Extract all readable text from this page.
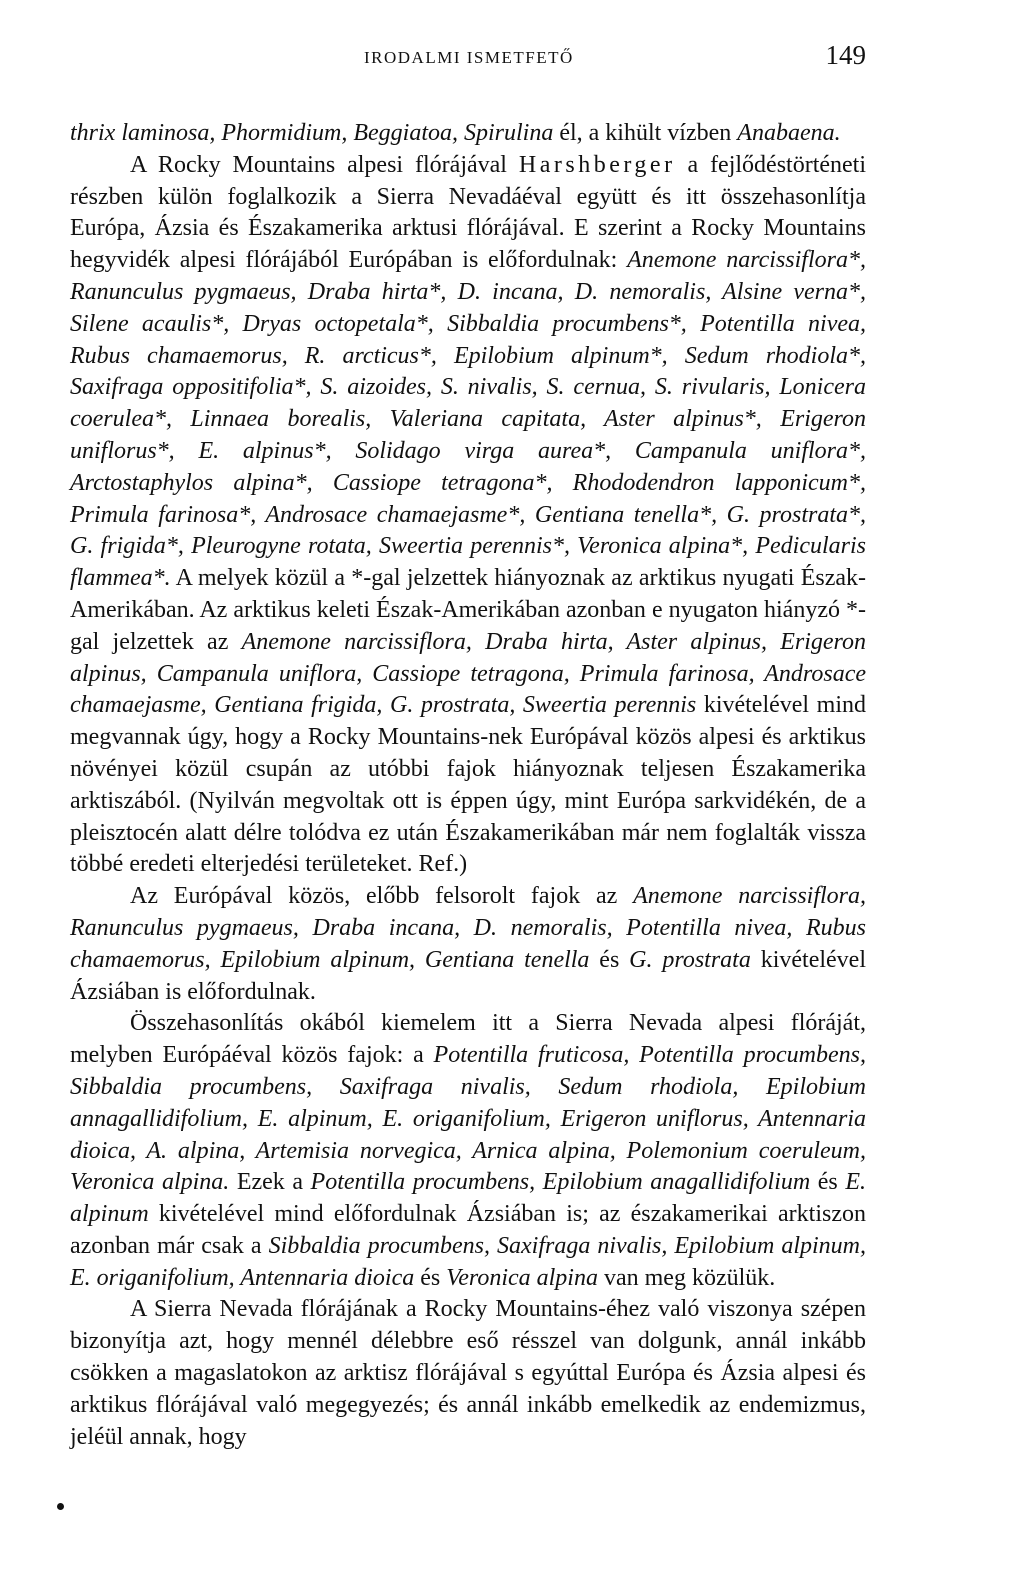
IRODALMI ISMETFETŐ	149

thrix laminosa, Phormidium, Beggiatoa, Spirulina él, a kihült vízben Anabaena.

A Rocky Mountains alpesi flórájával Harshberger a fejlődéstörténeti részben külön foglalkozik a Sierra Nevadáéval együtt és itt összehasonlítja Európa, Ázsia és Északamerika arktusi flórájával. E szerint a Rocky Mountains hegyvidék alpesi flórájából Európában is előfordulnak: Anemone narcissiflora*, Ranunculus pygmaeus, Draba hirta*, D. incana, D. nemoralis, Alsine verna*, Silene acaulis*, Dryas octopetala*, Sibbaldia procumbens*, Potentilla nivea, Rubus chamaemorus, R. arcticus*, Epilobium alpinum*, Sedum rhodiola*, Saxifraga oppositifolia*, S. aizoides, S. nivalis, S. cernua, S. rivularis, Lonicera coerulea*, Linnaea borealis, Valeriana capitata, Aster alpinus*, Erigeron uniflorus*, E. alpinus*, Solidago virga aurea*, Campanula uniflora*, Arctostaphylos alpina*, Cassiope tetragona*, Rhododendron lapponicum*, Primula farinosa*, Androsace chamaejasme*, Gentiana tenella*, G. prostrata*, G. frigida*, Pleurogyne rotata, Sweertia perennis*, Veronica alpina*, Pedicularis flammea*. A melyek közül a *-gal jelzettek hiányoznak az arktikus nyugati Észak-Amerikában. Az arktikus keleti Észak-Amerikában azonban e nyugaton hiányzó *-gal jelzettek az Anemone narcissiflora, Draba hirta, Aster alpinus, Erigeron alpinus, Campanula uniflora, Cassiope tetragona, Primula farinosa, Androsace chamaejasme, Gentiana frigida, G. prostrata, Sweertia perennis kivételével mind megvannak úgy, hogy a Rocky Mountains-nek Európával közös alpesi és arktikus növényei közül csupán az utóbbi fajok hiányoznak teljesen Északamerika arktiszából. (Nyilván megvoltak ott is éppen úgy, mint Európa sarkvidékén, de a pleisztocén alatt délre tolódva ez után Északamerikában már nem foglalták vissza többé eredeti elterjedési területeket. Ref.)

Az Európával közös, előbb felsorolt fajok az Anemone narcissiflora, Ranunculus pygmaeus, Draba incana, D. nemoralis, Potentilla nivea, Rubus chamaemorus, Epilobium alpinum, Gentiana tenella és G. prostrata kivételével Ázsiában is előfordulnak.

Összehasonlítás okából kiemelem itt a Sierra Nevada alpesi flóráját, melyben Európáéval közös fajok: a Potentilla fruticosa, Potentilla procumbens, Sibbaldia procumbens, Saxifraga nivalis, Sedum rhodiola, Epilobium annagallidifolium, E. alpinum, E. origanifolium, Erigeron uniflorus, Antennaria dioica, A. alpina, Artemisia norvegica, Arnica alpina, Polemonium coeruleum, Veronica alpina. Ezek a Potentilla procumbens, Epilobium anagallidifolium és E. alpinum kivételével mind előfordulnak Ázsiában is; az északamerikai arktiszon azonban már csak a Sibbaldia procumbens, Saxifraga nivalis, Epilobium alpinum, E. origanifolium, Antennaria dioica és Veronica alpina van meg közülük.

A Sierra Nevada flórájának a Rocky Mountains-éhez való viszonya szépen bizonyítja azt, hogy mennél délebbre eső résszel van dolgunk, annál inkább csökken a magaslatokon az arktisz flórájával s egyúttal Európa és Ázsia alpesi és arktikus flórájával való megegyezés; és annál inkább emelkedik az endemizmus, jeléül annak, hogy
